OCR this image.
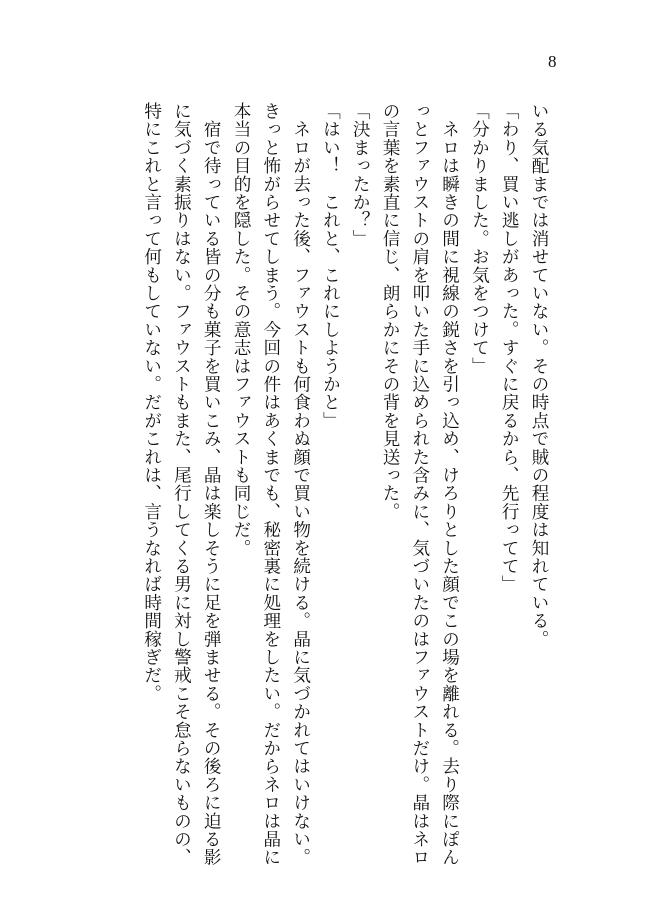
8
いる気配までは消せていない。その時点で賊の程度は知れている。
「わり、買い逃しがあった。すぐに戻るから、先行ってて」
「分かりました。お気をつけて」
　ネロは瞬きの間に視線の鋭さを引っ込め、けろりとした顔でこの場を離れる。去り際にぽん
っとファウストの肩を叩いた手に込められた含みに、気づいたのはファウストだけ。晶はネロ
の言葉を素直に信じ、朗らかにその背を見送った。
「決まったか？」
「はい！　これと、これにしようかと」
　ネロが去った後、ファウストも何食わぬ顔で買い物を続ける。晶に気づかれてはいけない。
きっと怖がらせてしまう。今回の件はあくまでも、秘密裏に処理をしたい。だからネロは晶に
本当の目的を隠した。その意志はファウストも同じだ。
　宿で待っている皆の分も菓子を買いこみ、晶は楽しそうに足を弾ませる。その後ろに迫る影
に気づく素振りはない。ファウストもまた、尾行してくる男に対し警戒こそ怠らないものの、
特にこれと言って何もしていない。だがこれは、言うなれば時間稼ぎだ。
